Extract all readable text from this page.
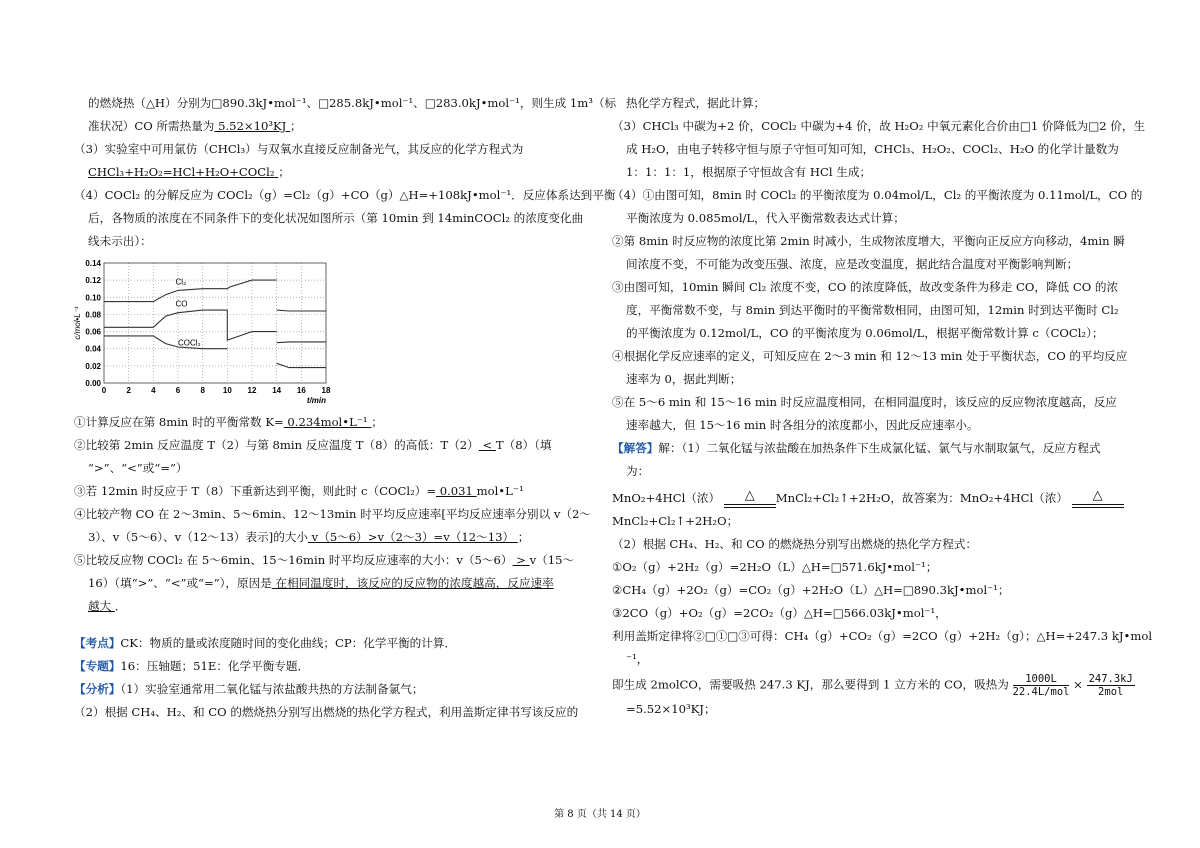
的燃烧热（△H）分别为□890.3kJ•mol⁻¹、□285.8kJ•mol⁻¹、□283.0kJ•mol⁻¹，则生成 1m³（标
准状况）CO 所需热量为 5.52×10³KJ ；
（3）实验室中可用氯仿（CHCl₃）与双氧水直接反应制备光气，其反应的化学方程式为
CHCl₃+H₂O₂=HCl+H₂O+COCl₂ ；
（4）COCl₂ 的分解反应为 COCl₂（g）=Cl₂（g）+CO（g）△H=+108kJ•mol⁻¹．反应体系达到平衡
后，各物质的浓度在不同条件下的变化状况如图所示（第 10min 到 14minCOCl₂ 的浓度变化曲
线未示出）：
0	2	4	6	8 10 12 14 16 18
0.00
0.02
0.04
0.06
0.08
0.10
0.12
0.14
t/min
c/mol•L⁻¹
Cl₂
CO
COCl₂
①计算反应在第 8min 时的平衡常数 K= 0.234mol•L⁻¹ ；
②比较第 2min 反应温度 T（2）与第 8min 反应温度 T（8）的高低：T（2） < T（8）（填
“>”、“<”或“=”）
③若 12min 时反应于 T（8）下重新达到平衡，则此时 c（COCl₂）= 0.031 mol•L⁻¹
④比较产物 CO 在 2～3min、5～6min、12～13min 时平均反应速率[平均反应速率分别以 v（2～
3）、v（5～6）、v（12～13）表示]的大小 v（5～6）>v（2～3）=v（12～13） ；
⑤比较反应物 COCl₂ 在 5～6min、15～16min 时平均反应速率的大小：v（5～6） > v（15～
16）（填“>”、“<”或“=”），原因是 在相同温度时，该反应的反应物的浓度越高，反应速率
越大 ．
【考点】CK：物质的量或浓度随时间的变化曲线；CP：化学平衡的计算．
【专题】16：压轴题；51E：化学平衡专题．
【分析】（1）实验室通常用二氧化锰与浓盐酸共热的方法制备氯气；
（2）根据 CH₄、H₂、和 CO 的燃烧热分别写出燃烧的热化学方程式，利用盖斯定律书写该反应的
热化学方程式，据此计算；
（3）CHCl₃ 中碳为+2 价，COCl₂ 中碳为+4 价，故 H₂O₂ 中氧元素化合价由□1 价降低为□2 价，生
成 H₂O，由电子转移守恒与原子守恒可知可知，CHCl₃、H₂O₂、COCl₂、H₂O 的化学计量数为
1：1：1：1，根据原子守恒故含有 HCl 生成；
（4）①由图可知，8min 时 COCl₂ 的平衡浓度为 0.04mol/L，Cl₂ 的平衡浓度为 0.11mol/L，CO 的
平衡浓度为 0.085mol/L，代入平衡常数表达式计算；
②第 8min 时反应物的浓度比第 2min 时减小，生成物浓度增大，平衡向正反应方向移动，4min 瞬
间浓度不变，不可能为改变压强、浓度，应是改变温度，据此结合温度对平衡影响判断；
③由图可知，10min 瞬间 Cl₂ 浓度不变，CO 的浓度降低，故改变条件为移走 CO，降低 CO 的浓
度，平衡常数不变，与 8min 到达平衡时的平衡常数相同，由图可知，12min 时到达平衡时 Cl₂
的平衡浓度为 0.12mol/L，CO 的平衡浓度为 0.06mol/L，根据平衡常数计算 c（COCl₂）；
④根据化学反应速率的定义，可知反应在 2～3 min 和 12～13 min 处于平衡状态，CO 的平均反应
速率为 0，据此判断；
⑤在 5～6 min 和 15～16 min 时反应温度相同，在相同温度时，该反应的反应物浓度越高，反应
速率越大，但 15～16 min 时各组分的浓度都小，因此反应速率小。
【解答】解：（1）二氧化锰与浓盐酸在加热条件下生成氯化锰、氯气与水制取氯气，反应方程式
为：
MnO₂+4HCl（浓）	△	MnCl₂+Cl₂↑+2H₂O，故答案为：MnO₂+4HCl（浓）	△
MnCl₂+Cl₂↑+2H₂O；
（2）根据 CH₄、H₂、和 CO 的燃烧热分别写出燃烧的热化学方程式：
①O₂（g）+2H₂（g）=2H₂O（L）△H=□571.6kJ•mol⁻¹；
②CH₄（g）+2O₂（g）=CO₂（g）+2H₂O（L）△H=□890.3kJ•mol⁻¹；
③2CO（g）+O₂（g）=2CO₂（g）△H=□566.03kJ•mol⁻¹，
利用盖斯定律将②□①□③可得：CH₄（g）+CO₂（g）=2CO（g）+2H₂（g）；△H=+247.3 kJ•mol
⁻¹，
即生成 2molCO，需要吸热 247.3 KJ，那么要得到 1 立方米的 CO，吸热为	1000L
22.4L/mol
× 247.3kJ
2mol
=5.52×10³KJ；
第 8 页（共 14 页）
